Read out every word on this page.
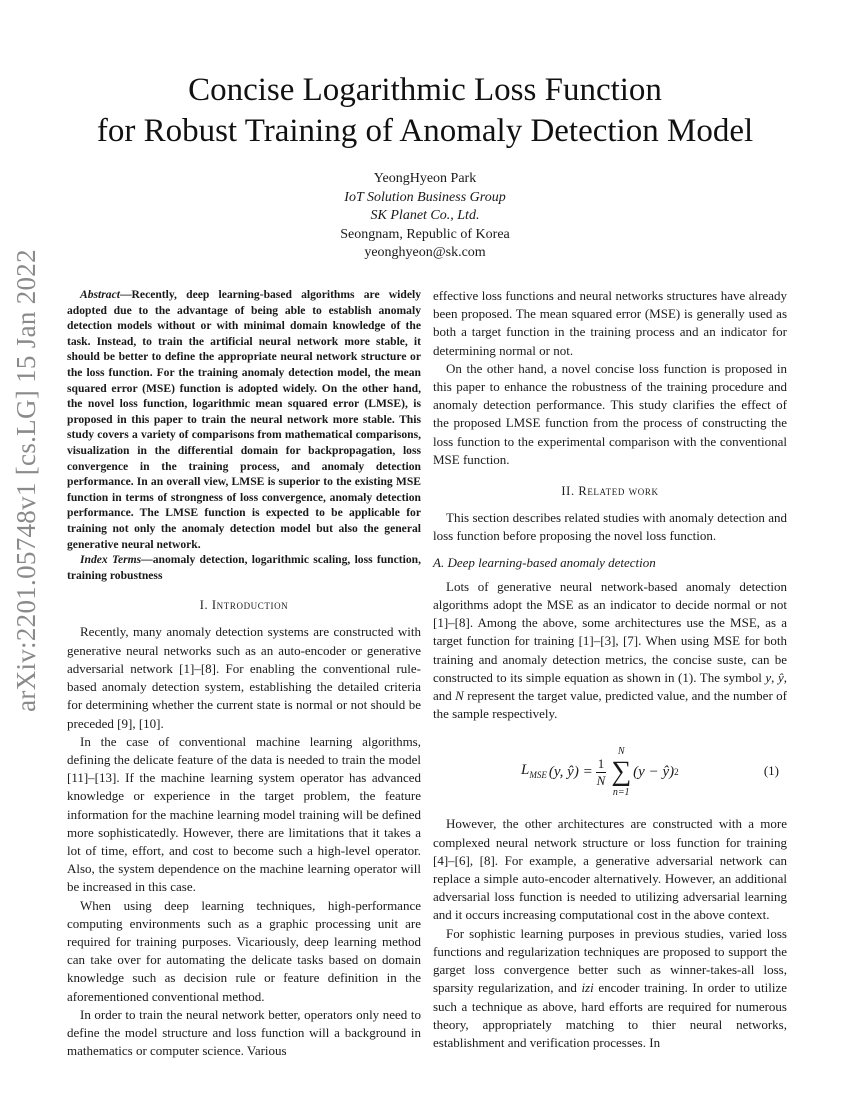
arXiv:2201.05748v1 [cs.LG] 15 Jan 2022
Concise Logarithmic Loss Function
for Robust Training of Anomaly Detection Model
YeongHyeon Park
IoT Solution Business Group
SK Planet Co., Ltd.
Seongnam, Republic of Korea
yeonghyeon@sk.com

Abstract—Recently, deep learning-based algorithms are widely adopted due to the advantage of being able to establish anomaly detection models without or with minimal domain knowledge of the task. Instead, to train the artificial neural network more stable, it should be better to define the appropriate neural network structure or the loss function. For the training anomaly detection model, the mean squared error (MSE) function is adopted widely. On the other hand, the novel loss function, logarithmic mean squared error (LMSE), is proposed in this paper to train the neural network more stable. This study covers a variety of comparisons from mathematical comparisons, visualization in the differential domain for backpropagation, loss convergence in the training process, and anomaly detection performance. In an overall view, LMSE is superior to the existing MSE function in terms of strongness of loss convergence, anomaly detection performance. The LMSE function is expected to be applicable for training not only the anomaly detection model but also the general generative neural network.

Index Terms—anomaly detection, logarithmic scaling, loss function, training robustness

I. Introduction

Recently, many anomaly detection systems are constructed with generative neural networks such as an auto-encoder or generative adversarial network [1]–[8]. For enabling the conventional rule-based anomaly detection system, establishing the detailed criteria for determining whether the current state is normal or not should be preceded [9], [10].

In the case of conventional machine learning algorithms, defining the delicate feature of the data is needed to train the model [11]–[13]. If the machine learning system operator has advanced knowledge or experience in the target problem, the feature information for the machine learning model training will be defined more sophisticatedly. However, there are limitations that it takes a lot of time, effort, and cost to become such a high-level operator. Also, the system dependence on the machine learning operator will be increased in this case.

When using deep learning techniques, high-performance computing environments such as a graphic processing unit are required for training purposes. Vicariously, deep learning method can take over for automating the delicate tasks based on domain knowledge such as decision rule or feature definition in the aforementioned conventional method.

In order to train the neural network better, operators only need to define the model structure and loss function will a background in mathematics or computer science. Various

effective loss functions and neural networks structures have already been proposed. The mean squared error (MSE) is generally used as both a target function in the training process and an indicator for determining normal or not.

On the other hand, a novel concise loss function is proposed in this paper to enhance the robustness of the training procedure and anomaly detection performance. This study clarifies the effect of the proposed LMSE function from the process of constructing the loss function to the experimental comparison with the conventional MSE function.

II. Related work

This section describes related studies with anomaly detection and loss function before proposing the novel loss function.

A. Deep learning-based anomaly detection

Lots of generative neural network-based anomaly detection algorithms adopt the MSE as an indicator to decide normal or not [1]–[8]. Among the above, some architectures use the MSE, as a target function for training [1]–[3], [7]. When using MSE for both training and anomaly detection metrics, the concise suste, can be constructed to its simple equation as shown in (1). The symbol y, ŷ, and N represent the target value, predicted value, and the number of the sample respectively.

$L_{MSE}$ (y, ŷ) = $\frac{1}{N}$
N
∑
n=1
(y − ŷ) 2	(1)

However, the other architectures are constructed with a more complexed neural network structure or loss function for training [4]–[6], [8]. For example, a generative adversarial network can replace a simple auto-encoder alternatively. However, an additional adversarial loss function is needed to utilizing adversarial learning and it occurs increasing computational cost in the above context.

For sophistic learning purposes in previous studies, varied loss functions and regularization techniques are proposed to support the garget loss convergence better such as winner-takes-all loss, sparsity regularization, and izi encoder training. In order to utilize such a technique as above, hard efforts are required for numerous theory, appropriately matching to thier neural networks, establishment and verification processes. In
